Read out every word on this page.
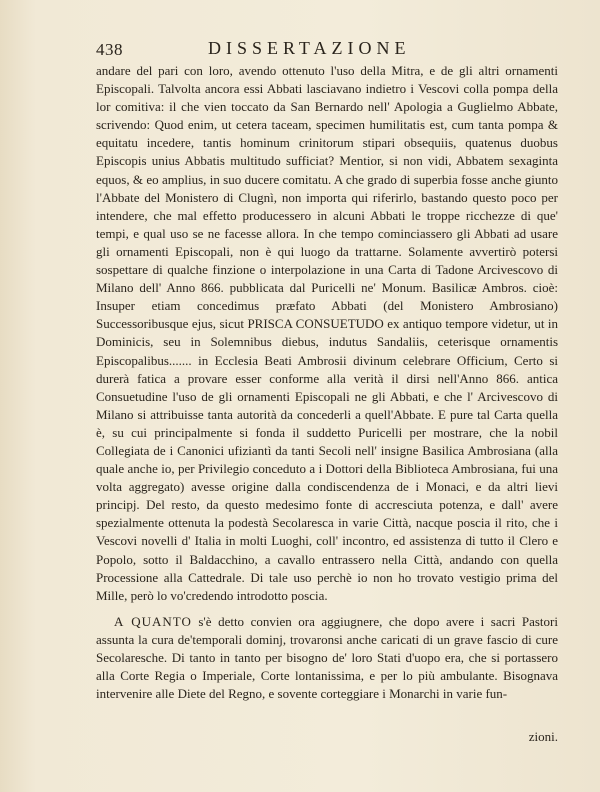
438	DISSERTAZIONE

andare del pari con loro, avendo ottenuto l'uso della Mitra, e de gli altri ornamenti Episcopali. Talvolta ancora essi Abbati lasciavano indietro i Vescovi colla pompa della lor comitiva: il che vien toccato da San Bernardo nell' Apologia a Guglielmo Abbate, scrivendo: Quod enim, ut cetera taceam, specimen humilitatis est, cum tanta pompa & equitatu incedere, tantis hominum crinitorum stipari obsequiis, quatenus duobus Episcopis unius Abbatis multitudo sufficiat? Mentior, si non vidi, Abbatem sexaginta equos, & eo amplius, in suo ducere comitatu. A che grado di superbia fosse anche giunto l'Abbate del Monistero di Clugnì, non importa qui riferirlo, bastando questo poco per intendere, che mal effetto producessero in alcuni Abbati le troppe ricchezze di que' tempi, e qual uso se ne facesse allora. In che tempo cominciassero gli Abbati ad usare gli ornamenti Episcopali, non è qui luogo da trattarne. Solamente avvertirò potersi sospettare di qualche finzione o interpolazione in una Carta di Tadone Arcivescovo di Milano dell' Anno 866. pubblicata dal Puricelli ne' Monum. Basilicæ Ambros. cioè: Insuper etiam concedimus præfato Abbati (del Monistero Ambrosiano) Successoribusque ejus, sicut PRISCA CONSUETUDO ex antiquo tempore videtur, ut in Dominicis, seu in Solemnibus diebus, indutus Sandaliis, ceterisque ornamentis Episcopalibus....... in Ecclesia Beati Ambrosii divinum celebrare Officium, Certo si durerà fatica a provare esser conforme alla verità il dirsi nell'Anno 866. antica Consuetudine l'uso de gli ornamenti Episcopali ne gli Abbati, e che l' Arcivescovo di Milano si attribuisse tanta autorità da concederli a quell'Abbate. E pure tal Carta quella è, su cui principalmente si fonda il suddetto Puricelli per mostrare, che la nobil Collegiata de i Canonici ufiziantì da tanti Secoli nell' insigne Basilica Ambrosiana (alla quale anche io, per Privilegio conceduto a i Dottori della Biblioteca Ambrosiana, fui una volta aggregato) avesse origine dalla condiscendenza de i Monaci, e da altri lievi principj. Del resto, da questo medesimo fonte di accresciuta potenza, e dall' avere spezialmente ottenuta la podestà Secolaresca in varie Città, nacque poscia il rito, che i Vescovi novelli d' Italia in molti Luoghi, coll' incontro, ed assistenza di tutto il Clero e Popolo, sotto il Baldacchino, a cavallo entrassero nella Città, andando con quella Processione alla Cattedrale. Di tale uso perchè io non ho trovato vestigio prima del Mille, però lo vo'credendo introdotto poscia.

A QUANTO s'è detto convien ora aggiugnere, che dopo avere i sacri Pastori assunta la cura de'temporali dominj, trovaronsi anche caricati di un grave fascio di cure Secolaresche. Di tanto in tanto per bisogno de' loro Stati d'uopo era, che si portassero alla Corte Regia o Imperiale, Corte lontanissima, e per lo più ambulante. Bisognava intervenire alle Diete del Regno, e sovente corteggiare i Monarchi in varie fun-

zioni.
